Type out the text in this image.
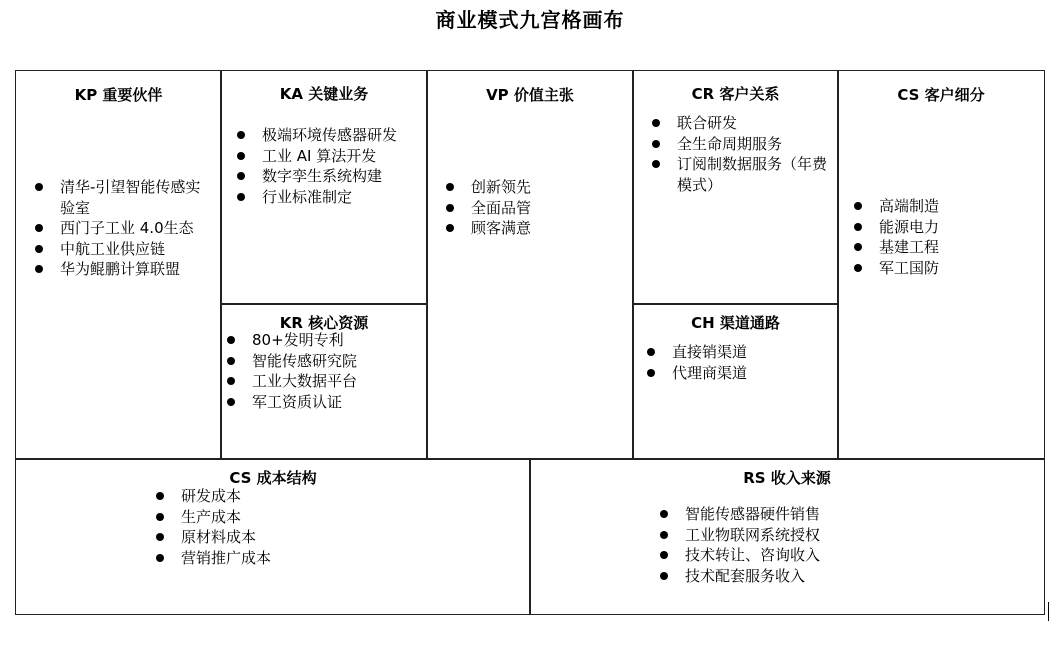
商业模式九宫格画布
KP 重要伙伴
清华-引望智能传感实验室
西门子工业 4.0生态
中航工业供应链
华为鲲鹏计算联盟
KA 关键业务
极端环境传感器研发
工业 AI 算法开发
数字孪生系统构建
行业标准制定
KR 核心资源
80+发明专利
智能传感研究院
工业大数据平台
军工资质认证
VP 价值主张
创新领先
全面品管
顾客满意
CR 客户关系
联合研发
全生命周期服务
订阅制数据服务（年费模式）
CH 渠道通路
直接销渠道
代理商渠道
CS 客户细分
高端制造
能源电力
基建工程
军工国防
CS 成本结构
研发成本
生产成本
原材料成本
营销推广成本
RS 收入来源
智能传感器硬件销售
工业物联网系统授权
技术转让、咨询收入
技术配套服务收入
